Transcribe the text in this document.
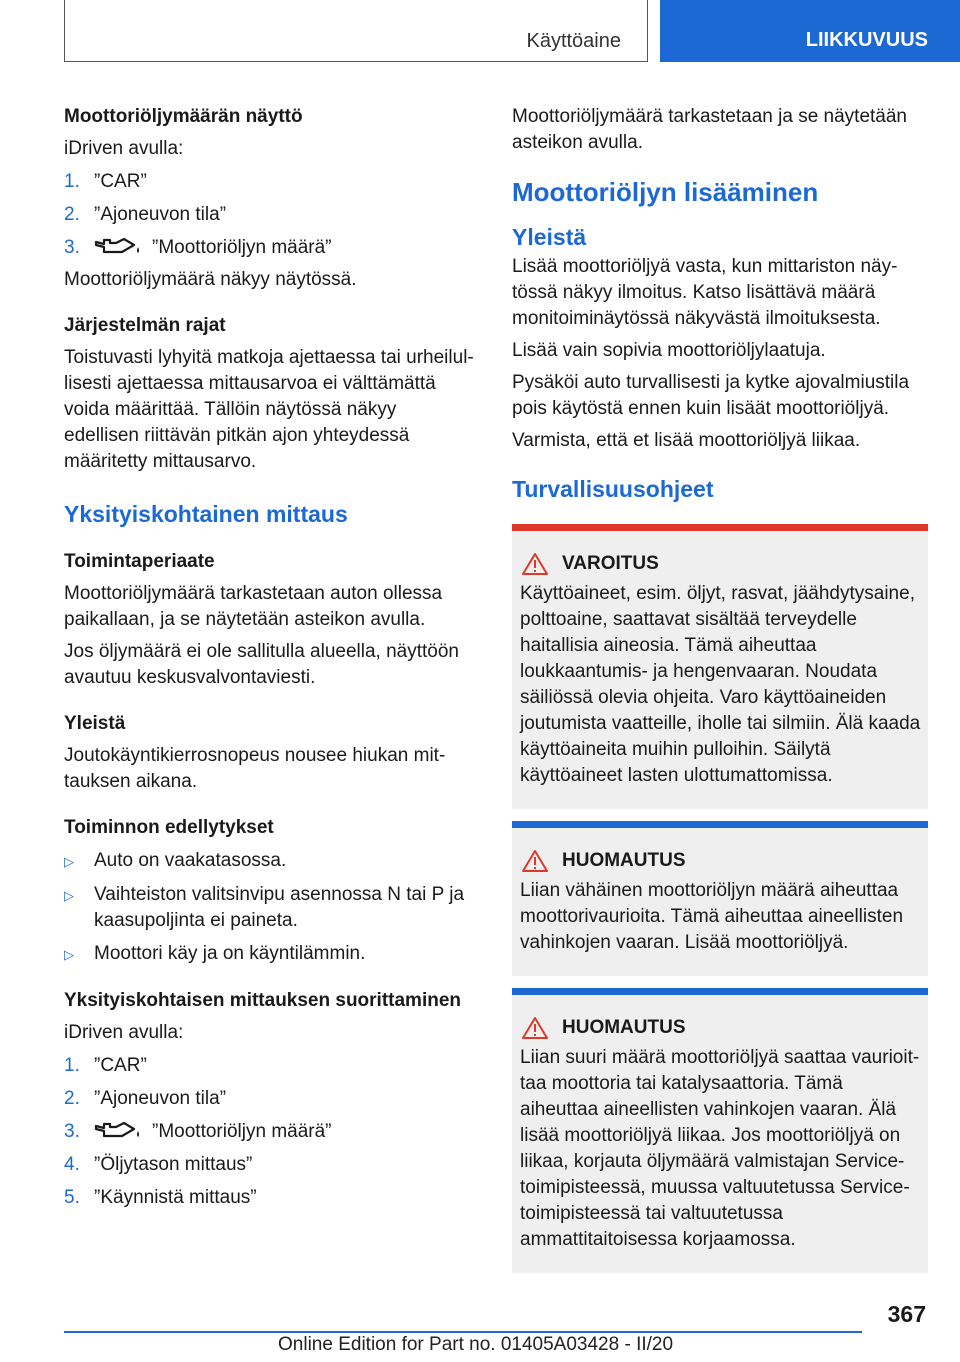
Käyttöaine	LIIKKUVUUS
Moottoriöljymäärän näyttö

iDriven avulla:

1. ”CAR”
2. ”Ajoneuvon tila”
3.	”Moottoriöljyn määrä”

Moottoriöljymäärä näkyy näytössä.

Järjestelmän rajat

Toistuvasti lyhyitä matkoja ajettaessa tai urheilullisesti ajettaessa mittausarvoa ei välttämättä voida määrittää. Tällöin näytössä näkyy edellisen riittävän pitkän ajon yhteydessä määritetty mittausarvo.

Yksityiskohtainen mittaus
Toimintaperiaate

Moottoriöljymäärä tarkastetaan auton ollessa paikallaan, ja se näytetään asteikon avulla.

Jos öljymäärä ei ole sallitulla alueella, näyttöön avautuu keskusvalvontaviesti.

Yleistä

Joutokäyntikierrosnopeus nousee hiukan mittauksen aikana.

Toiminnon edellytykset
▷	Auto on vaakatasossa.
▷	Vaihteiston valitsinvipu asennossa N tai P ja kaasupoljinta ei paineta.
▷	Moottori käy ja on käyntilämmin.
Yksityiskohtaisen mittauksen suorittaminen

iDriven avulla:

1. ”CAR”
2. ”Ajoneuvon tila”
3.	”Moottoriöljyn määrä”
4. ”Öljytason mittaus”
5. ”Käynnistä mittaus”

Moottoriöljymäärä tarkastetaan ja se näytetään asteikon avulla.

Moottoriöljyn lisääminen
Yleistä

Lisää moottoriöljyä vasta, kun mittariston näytössä näkyy ilmoitus. Katso lisättävä määrä monitoiminäytössä näkyvästä ilmoituksesta.

Lisää vain sopivia moottoriöljylaatuja.

Pysäköi auto turvallisesti ja kytke ajovalmiustila pois käytöstä ennen kuin lisäät moottoriöljyä.

Varmista, että et lisää moottoriöljyä liikaa.

Turvallisuusohjeet
VAROITUS

Käyttöaineet, esim. öljyt, rasvat, jäähdytysaine, polttoaine, saattavat sisältää terveydelle haitallisia aineosia. Tämä aiheuttaa loukkaantumis- ja hengenvaaran. Noudata säiliössä olevia ohjeita. Varo käyttöaineiden joutumista vaatteille, iholle tai silmiin. Älä kaada käyttöaineita muihin pulloihin. Säilytä käyttöaineet lasten ulottumattomissa.

HUOMAUTUS

Liian vähäinen moottoriöljyn määrä aiheuttaa moottorivaurioita. Tämä aiheuttaa aineellisten vahinkojen vaaran. Lisää moottoriöljyä.

HUOMAUTUS

Liian suuri määrä moottoriöljyä saattaa vaurioittaa moottoria tai katalysaattoria. Tämä aiheuttaa aineellisten vahinkojen vaaran. Älä lisää moottoriöljyä liikaa. Jos moottoriöljyä on liikaa, korjauta öljymäärä valmistajan Service-toimipisteessä, muussa valtuutetussa Service-toimipisteessä tai valtuutetussa ammattitaitoisessa korjaamossa.

367
Online Edition for Part no. 01405A03428 - II/20
